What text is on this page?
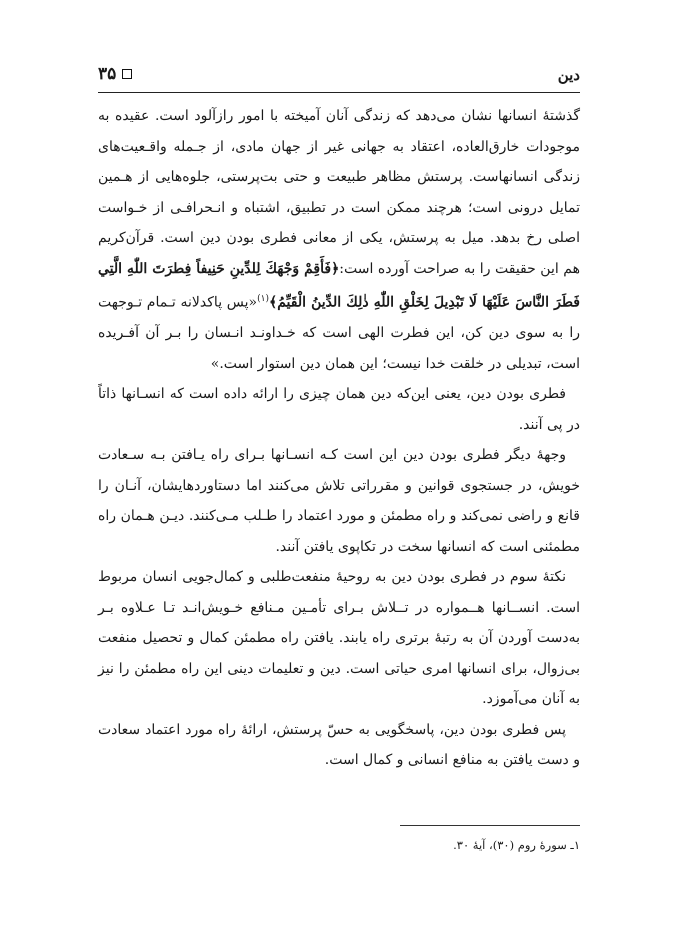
دین
۳۵

گذشتهٔ انسانها نشان می‌دهد که زندگی آنان آمیخته با امور رازآلود است. عقیده به موجودات خارق‌العاده، اعتقاد به جهانی غیر از جهان مادی، از جـمله واقـعیت‌های زندگی انسانهاست. پرستش مظاهر طبیعت و حتی بت‌پرستی، جلوه‌هایی از هـمین تمایل درونی است؛ هرچند ممکن است در تطبیق، اشتباه و انـحرافـی از خـواست اصلی رخ بدهد. میل به پرستش، یکی از معانی فطری بودن دین است. قرآن‌کریم هم این حقیقت را به صراحت آورده است:﴿فَأَقِمْ وَجْهَكَ لِلدِّينِ حَنِيفاً فِطرَتَ اللّٰهِ الَّتِي فَطَرَ النَّاسَ عَلَيْهَا لَا تَبْدِيلَ لِخَلْقِ اللّٰهِ ذٰلِكَ الدِّينُ الْقَيِّمُ﴾$^{(۱)}$«پس پاکدلانه تـمام تـوجهت را به سوی دین کن، این فطرت الهی است که خـداونـد انـسان را بـر آن آفـریده است، تبدیلی در خلقت خدا نیست؛ این همان دین استوار است.»

فطری بودن دین، یعنی این‌که دین همان چیزی را ارائه داده است که انسـانها ذاتاً در پی آنند.

وجههٔ دیگر فطری بودن دین این است کـه انسـانها بـرای راه یـافتن بـه سـعادت خویش، در جستجوی قوانین و مقرراتی تلاش می‌کنند اما دستاوردهایشان، آنـان را قانع و راضی نمی‌کند و راه مطمئن و مورد اعتماد را طـلب مـی‌کنند. دیـن هـمان راه مطمئنی است که انسانها سخت در تکاپوی یافتن آنند.

نکتهٔ سوم در فطری بودن دین به روحیهٔ منفعت‌طلبی و کمال‌جویی انسان مربوط است. انســانها هــمواره در تــلاش بـرای تأمـین مـنافع خـویش‌انـد تـا عـلاوه بـر به‌دست آوردن آن به رتبهٔ برتری راه یابند. یافتن راه مطمئن کمال و تحصیل منفعت بی‌زوال، برای انسانها امری حیاتی است. دین و تعلیمات دینی این راه مطمئن را نیز به آنان می‌آموزد.

پس فطری بودن دین، پاسخگویی به حسّ پرستش، ارائهٔ راه مورد اعتماد سعادت و دست یافتن به منافع انسانی و کمال است.

۱ـ سورهٔ روم (۳۰)، آیهٔ ۳۰.
